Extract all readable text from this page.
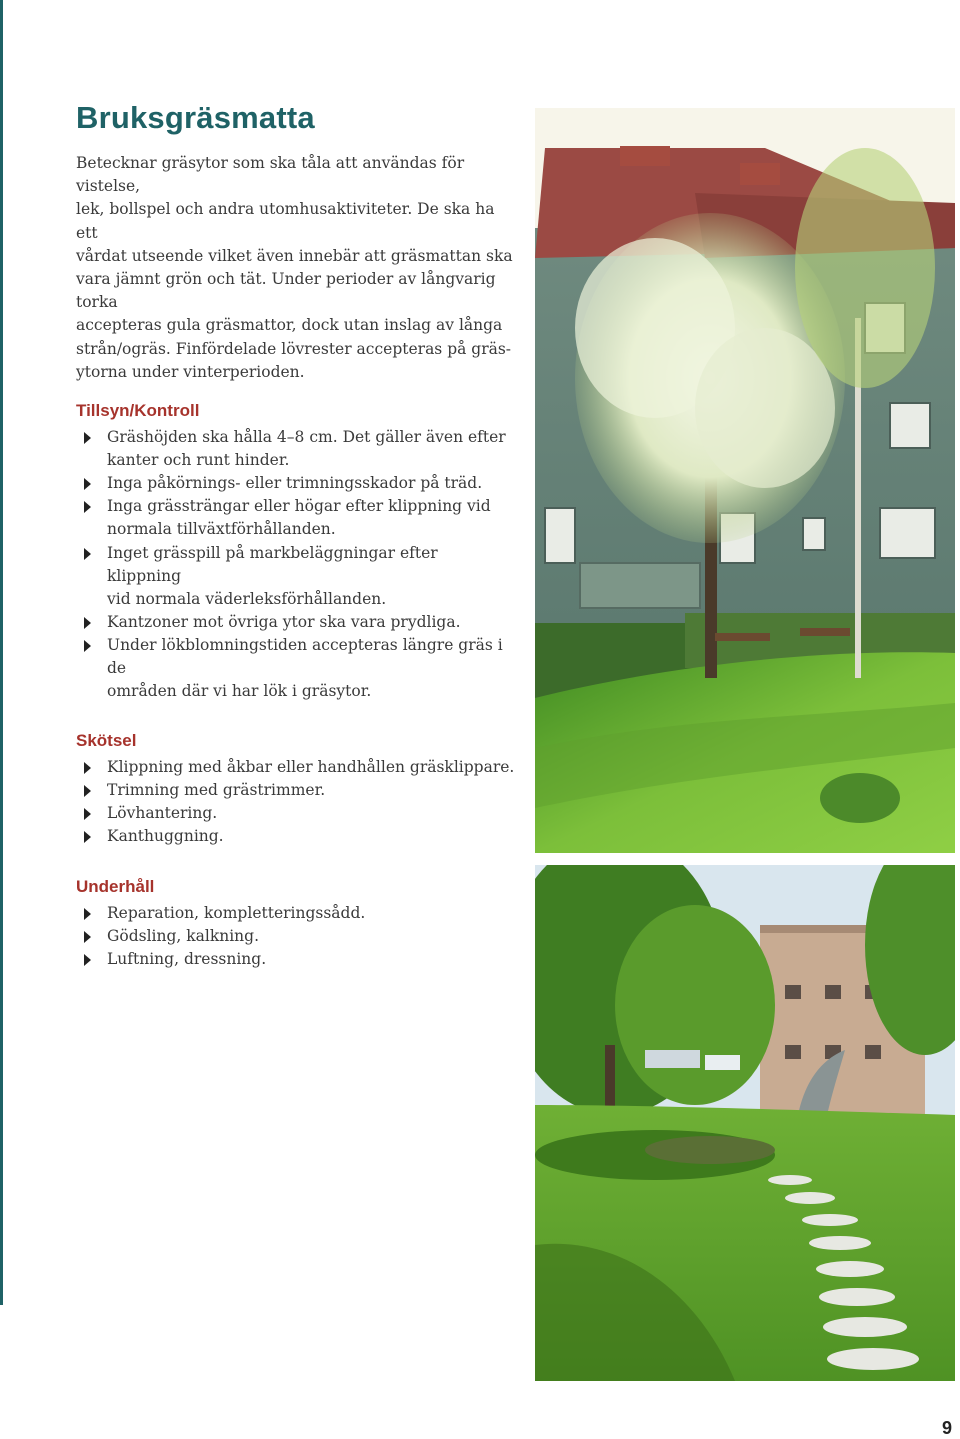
Bruksgräsmatta

Betecknar gräsytor som ska tåla att användas för vistelse,
lek, bollspel och andra utomhusaktiviteter. De ska ha ett
vårdat utseende vilket även innebär att gräsmattan ska
vara jämnt grön och tät. Under perioder av långvarig torka
accepteras gula gräsmattor, dock utan inslag av långa
strån/ogräs. Finfördelade lövrester accepteras på gräs-
ytorna under vinterperioden.

Tillsyn/Kontroll
Gräshöjden ska hålla 4–8 cm. Det gäller även efter
kanter och runt hinder.
Inga påkörnings- eller trimningsskador på träd.
Inga grässträngar eller högar efter klippning vid
normala tillväxtförhållanden.
Inget grässpill på markbeläggningar efter klippning
vid normala väderleksförhållanden.
Kantzoner mot övriga ytor ska vara prydliga.
Under lökblomningstiden accepteras längre gräs i de
områden där vi har lök i gräsytor.
Skötsel
Klippning med åkbar eller handhållen gräsklippare.
Trimning med grästrimmer.
Lövhantering.
Kanthuggning.
Underhåll
Reparation, kompletteringssådd.
Gödsling, kalkning.
Luftning, dressning.
9
